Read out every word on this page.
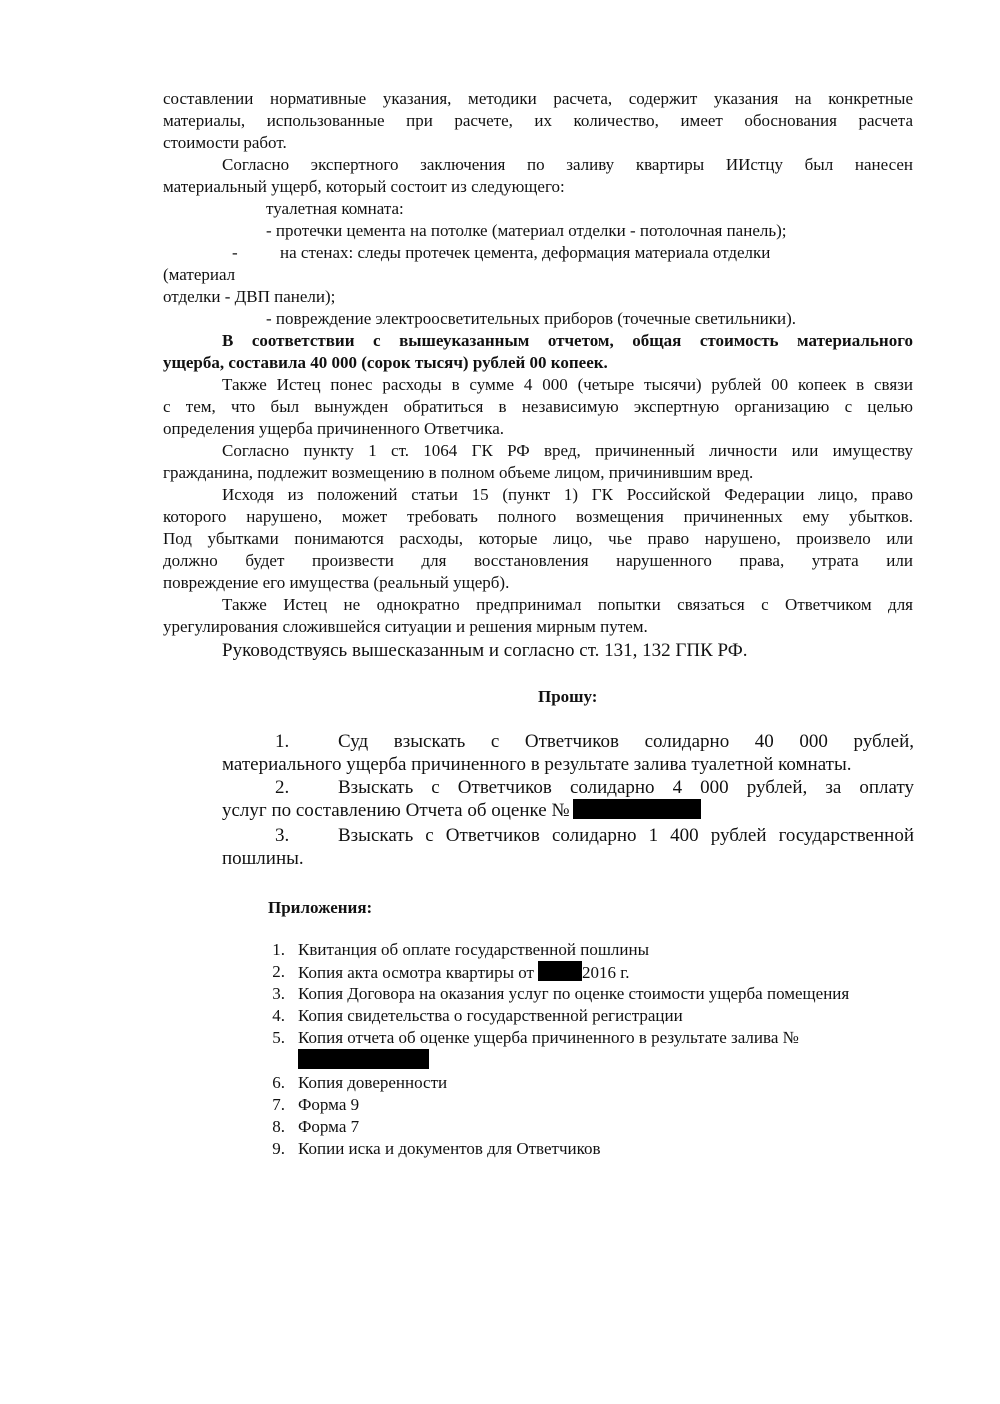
составлении нормативные указания, методики расчета, содержит указания на конкретные
материалы, использованные при расчете, их количество, имеет обоснования расчета
стоимости работ.
Согласно экспертного заключения по заливу квартиры ИИстцу был нанесен
материальный ущерб, который состоит из следующего:
туалетная комната:
- протечки цемента на потолке (материал отделки - потолочная панель);
- на стенах: следы протечек цемента, деформация материала отделки
(материал
отделки - ДВП панели);
- повреждение электроосветительных приборов (точечные светильники).
В соответствии с вышеуказанным отчетом, общая стоимость материального
ущерба, составила 40 000 (сорок тысяч) рублей 00 копеек.
Также Истец понес расходы в сумме 4 000 (четыре тысячи) рублей 00 копеек в связи
с тем, что был вынужден обратиться в независимую экспертную организацию с целью
определения ущерба причиненного Ответчика.
Согласно пункту 1 ст. 1064 ГК РФ вред, причиненный личности или имуществу
гражданина, подлежит возмещению в полном объеме лицом, причинившим вред.
Исходя из положений статьи 15 (пункт 1) ГК Российской Федерации лицо, право
которого нарушено, может требовать полного возмещения причиненных ему убытков.
Под убытками понимаются расходы, которые лицо, чье право нарушено, произвело или
должно будет произвести для восстановления нарушенного права, утрата или
повреждение его имущества (реальный ущерб).
Также Истец не однократно предпринимал попытки связаться с Ответчиком для
урегулирования сложившейся ситуации и решения мирным путем.
Руководствуясь вышесказанным и согласно ст. 131, 132 ГПК РФ.
Прошу:
1.	Суд взыскать с Ответчиков солидарно 40 000 рублей,
материального ущерба причиненного в результате залива туалетной комнаты.
2.	Взыскать с Ответчиков солидарно 4 000 рублей, за оплату
услуг по составлению Отчета об оценке №
3.	Взыскать с Ответчиков солидарно 1 400 рублей государственной
пошлины.
Приложения:
1. Квитанция об оплате государственной пошлины
2. Копия акта осмотра квартиры от	2016 г.
3. Копия Договора на оказания услуг по оценке стоимости ущерба помещения
4. Копия свидетельства о государственной регистрации
5. Копия отчета об оценке ущерба причиненного в результате залива №
6. Копия доверенности
7. Форма 9
8. Форма 7
9. Копии иска и документов для Ответчиков
